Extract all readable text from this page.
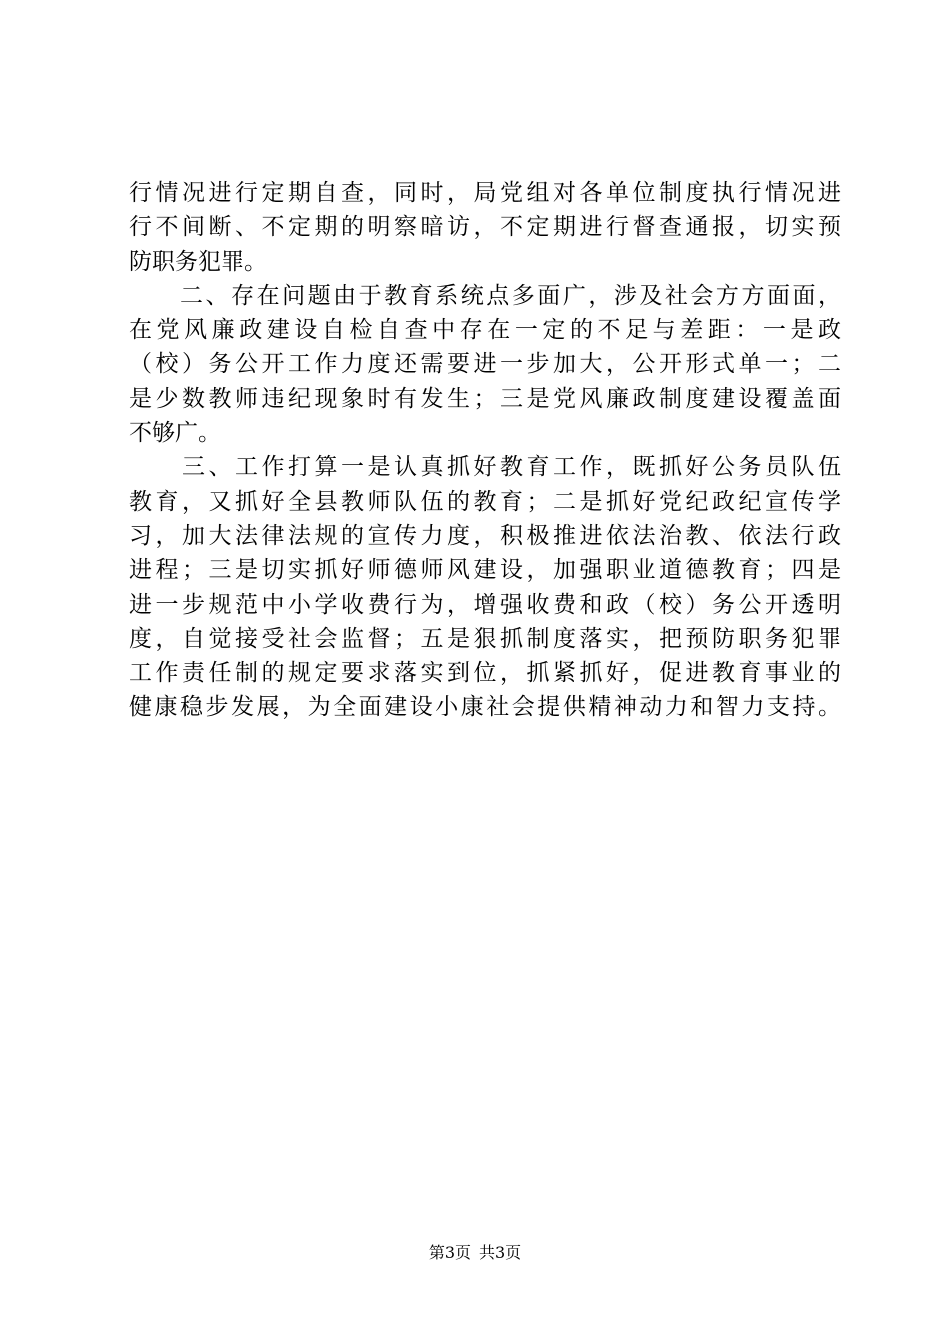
行情况进行定期自查，同时，局党组对各单位制度执行情况进
行不间断、不定期的明察暗访，不定期进行督查通报，切实预
防职务犯罪。
　　二、存在问题由于教育系统点多面广，涉及社会方方面面，
在党风廉政建设自检自查中存在一定的不足与差距：一是政
（校）务公开工作力度还需要进一步加大，公开形式单一；二
是少数教师违纪现象时有发生；三是党风廉政制度建设覆盖面
不够广。
　　三、工作打算一是认真抓好教育工作，既抓好公务员队伍
教育，又抓好全县教师队伍的教育；二是抓好党纪政纪宣传学
习，加大法律法规的宣传力度，积极推进依法治教、依法行政
进程；三是切实抓好师德师风建设，加强职业道德教育；四是
进一步规范中小学收费行为，增强收费和政（校）务公开透明
度，自觉接受社会监督；五是狠抓制度落实，把预防职务犯罪
工作责任制的规定要求落实到位，抓紧抓好，促进教育事业的
健康稳步发展，为全面建设小康社会提供精神动力和智力支持。
第3页 共3页
